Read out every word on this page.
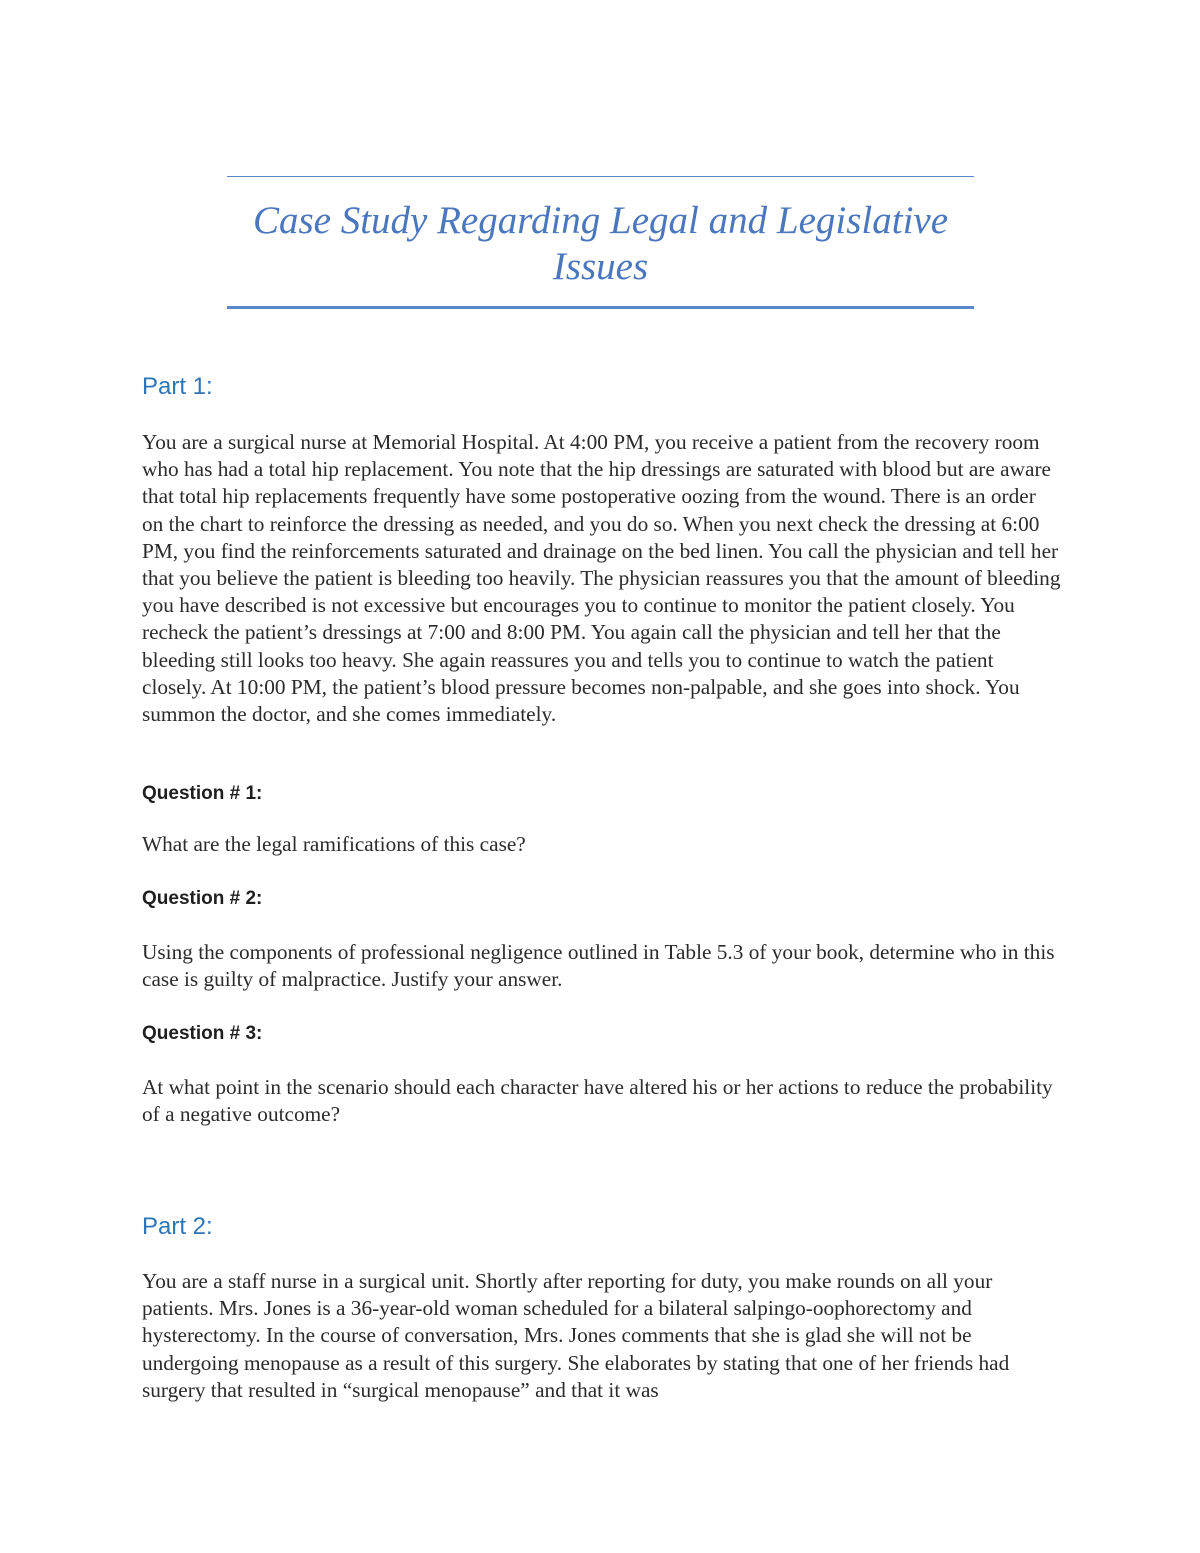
Case Study Regarding Legal and Legislative Issues
Part 1:

You are a surgical nurse at Memorial Hospital. At 4:00 PM, you receive a patient from the recovery room who has had a total hip replacement. You note that the hip dressings are saturated with blood but are aware that total hip replacements frequently have some postoperative oozing from the wound. There is an order on the chart to reinforce the dressing as needed, and you do so. When you next check the dressing at 6:00 PM, you find the reinforcements saturated and drainage on the bed linen. You call the physician and tell her that you believe the patient is bleeding too heavily. The physician reassures you that the amount of bleeding you have described is not excessive but encourages you to continue to monitor the patient closely. You recheck the patient’s dressings at 7:00 and 8:00 PM. You again call the physician and tell her that the bleeding still looks too heavy. She again reassures you and tells you to continue to watch the patient closely. At 10:00 PM, the patient’s blood pressure becomes non-palpable, and she goes into shock. You summon the doctor, and she comes immediately.

Question # 1:

What are the legal ramifications of this case?

Question # 2:

Using the components of professional negligence outlined in Table 5.3 of your book, determine who in this case is guilty of malpractice. Justify your answer.

Question # 3:

At what point in the scenario should each character have altered his or her actions to reduce the probability of a negative outcome?

Part 2:

You are a staff nurse in a surgical unit. Shortly after reporting for duty, you make rounds on all your patients. Mrs. Jones is a 36-year-old woman scheduled for a bilateral salpingo-oophorectomy and hysterectomy. In the course of conversation, Mrs. Jones comments that she is glad she will not be undergoing menopause as a result of this surgery. She elaborates by stating that one of her friends had surgery that resulted in “surgical menopause” and that it was
